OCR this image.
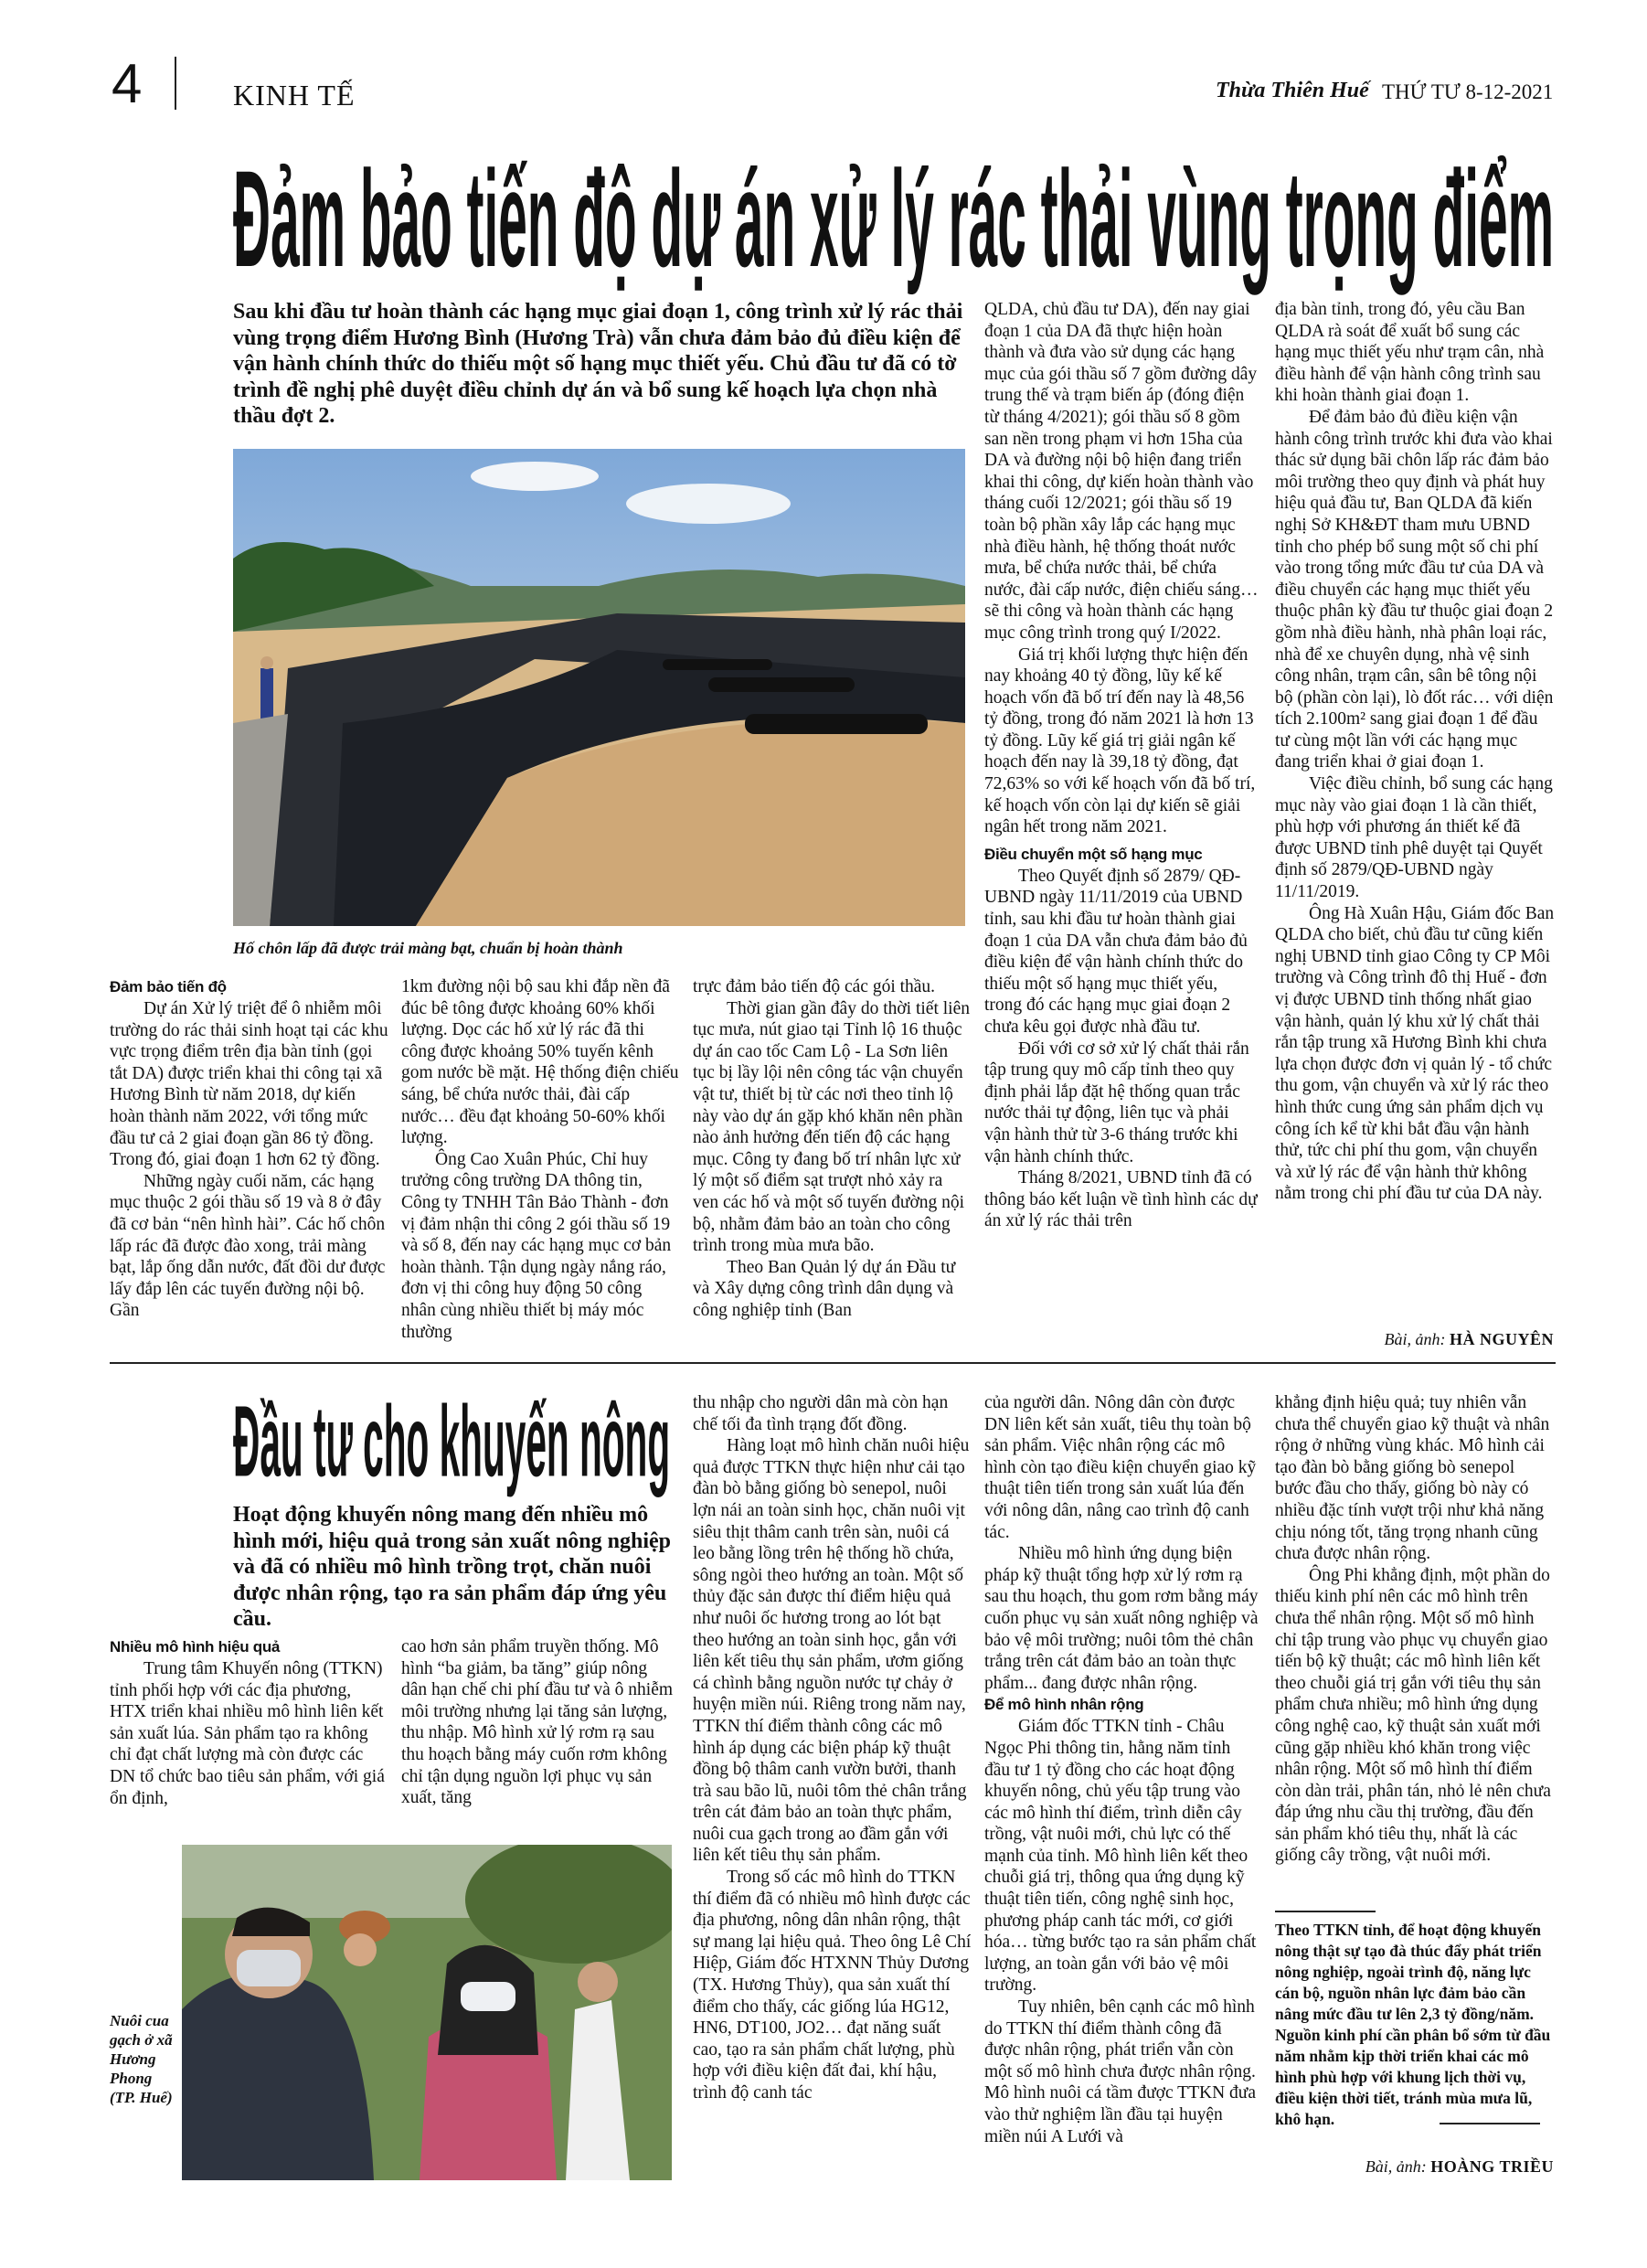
4	KINH TẾ	Thừa Thiên Huế THỨ TƯ 8-12-2021
Đảm bảo tiến độ dự án xử lý rác thải vùng trọng điểm

Sau khi đầu tư hoàn thành các hạng mục giai đoạn 1, công trình xử lý rác thải vùng trọng điểm Hương Bình (Hương Trà) vẫn chưa đảm bảo đủ điều kiện để vận hành chính thức do thiếu một số hạng mục thiết yếu. Chủ đầu tư đã có tờ trình đề nghị phê duyệt điều chỉnh dự án và bổ sung kế hoạch lựa chọn nhà thầu đợt 2.

Hố chôn lấp đã được trải màng bạt, chuẩn bị hoàn thành

Đảm bảo tiến độ

Dự án Xử lý triệt để ô nhiễm môi trường do rác thải sinh hoạt tại các khu vực trọng điểm trên địa bàn tỉnh (gọi tắt DA) được triển khai thi công tại xã Hương Bình từ năm 2018, dự kiến hoàn thành năm 2022, với tổng mức đầu tư cả 2 giai đoạn gần 86 tỷ đồng. Trong đó, giai đoạn 1 hơn 62 tỷ đồng.

Những ngày cuối năm, các hạng mục thuộc 2 gói thầu số 19 và 8 ở đây đã cơ bản “nên hình hài”. Các hố chôn lấp rác đã được đào xong, trải màng bạt, lắp ống dẫn nước, đất đồi dư được lấy đắp lên các tuyến đường nội bộ. Gần

1km đường nội bộ sau khi đắp nền đã đúc bê tông được khoảng 60% khối lượng. Dọc các hố xử lý rác đã thi công được khoảng 50% tuyến kênh gom nước bề mặt. Hệ thống điện chiếu sáng, bể chứa nước thải, đài cấp nước… đều đạt khoảng 50-60% khối lượng.

Ông Cao Xuân Phúc, Chỉ huy trưởng công trường DA thông tin, Công ty TNHH Tân Bảo Thành - đơn vị đảm nhận thi công 2 gói thầu số 19 và số 8, đến nay các hạng mục cơ bản hoàn thành. Tận dụng ngày nắng ráo, đơn vị thi công huy động 50 công nhân cùng nhiều thiết bị máy móc thường

trực đảm bảo tiến độ các gói thầu.

Thời gian gần đây do thời tiết liên tục mưa, nút giao tại Tỉnh lộ 16 thuộc dự án cao tốc Cam Lộ - La Sơn liên tục bị lầy lội nên công tác vận chuyển vật tư, thiết bị từ các nơi theo tỉnh lộ này vào dự án gặp khó khăn nên phần nào ảnh hưởng đến tiến độ các hạng mục. Công ty đang bố trí nhân lực xử lý một số điểm sạt trượt nhỏ xảy ra ven các hố và một số tuyến đường nội bộ, nhằm đảm bảo an toàn cho công trình trong mùa mưa bão.

Theo Ban Quản lý dự án Đầu tư và Xây dựng công trình dân dụng và công nghiệp tỉnh (Ban

QLDA, chủ đầu tư DA), đến nay giai đoạn 1 của DA đã thực hiện hoàn thành và đưa vào sử dụng các hạng mục của gói thầu số 7 gồm đường dây trung thế và trạm biến áp (đóng điện từ tháng 4/2021); gói thầu số 8 gồm san nền trong phạm vi hơn 15ha của DA và đường nội bộ hiện đang triển khai thi công, dự kiến hoàn thành vào tháng cuối 12/2021; gói thầu số 19 toàn bộ phần xây lắp các hạng mục nhà điều hành, hệ thống thoát nước mưa, bể chứa nước thải, bể chứa nước, đài cấp nước, điện chiếu sáng… sẽ thi công và hoàn thành các hạng mục công trình trong quý I/2022.

Giá trị khối lượng thực hiện đến nay khoảng 40 tỷ đồng, lũy kế kế hoạch vốn đã bố trí đến nay là 48,56 tỷ đồng, trong đó năm 2021 là hơn 13 tỷ đồng. Lũy kế giá trị giải ngân kế hoạch đến nay là 39,18 tỷ đồng, đạt 72,63% so với kế hoạch vốn đã bố trí, kế hoạch vốn còn lại dự kiến sẽ giải ngân hết trong năm 2021.

Điều chuyển một số hạng mục

Theo Quyết định số 2879/ QĐ-UBND ngày 11/11/2019 của UBND tỉnh, sau khi đầu tư hoàn thành giai đoạn 1 của DA vẫn chưa đảm bảo đủ điều kiện để vận hành chính thức do thiếu một số hạng mục thiết yếu, trong đó các hạng mục giai đoạn 2 chưa kêu gọi được nhà đầu tư.

Đối với cơ sở xử lý chất thải rắn tập trung quy mô cấp tỉnh theo quy định phải lắp đặt hệ thống quan trắc nước thải tự động, liên tục và phải vận hành thử từ 3-6 tháng trước khi vận hành chính thức.

Tháng 8/2021, UBND tỉnh đã có thông báo kết luận về tình hình các dự án xử lý rác thải trên

địa bàn tỉnh, trong đó, yêu cầu Ban QLDA rà soát để xuất bổ sung các hạng mục thiết yếu như trạm cân, nhà điều hành để vận hành công trình sau khi hoàn thành giai đoạn 1.

Để đảm bảo đủ điều kiện vận hành công trình trước khi đưa vào khai thác sử dụng bãi chôn lấp rác đảm bảo môi trường theo quy định và phát huy hiệu quả đầu tư, Ban QLDA đã kiến nghị Sở KH&ĐT tham mưu UBND tỉnh cho phép bổ sung một số chi phí vào trong tổng mức đầu tư của DA và điều chuyển các hạng mục thiết yếu thuộc phân kỳ đầu tư thuộc giai đoạn 2 gồm nhà điều hành, nhà phân loại rác, nhà để xe chuyên dụng, nhà vệ sinh công nhân, trạm cân, sân bê tông nội bộ (phần còn lại), lò đốt rác… với diện tích 2.100m² sang giai đoạn 1 để đầu tư cùng một lần với các hạng mục đang triển khai ở giai đoạn 1.

Việc điều chỉnh, bổ sung các hạng mục này vào giai đoạn 1 là cần thiết, phù hợp với phương án thiết kế đã được UBND tỉnh phê duyệt tại Quyết định số 2879/QĐ-UBND ngày 11/11/2019.

Ông Hà Xuân Hậu, Giám đốc Ban QLDA cho biết, chủ đầu tư cũng kiến nghị UBND tỉnh giao Công ty CP Môi trường và Công trình đô thị Huế - đơn vị được UBND tỉnh thống nhất giao vận hành, quản lý khu xử lý chất thải rắn tập trung xã Hương Bình khi chưa lựa chọn được đơn vị quản lý - tổ chức thu gom, vận chuyển và xử lý rác theo hình thức cung ứng sản phẩm dịch vụ công ích kể từ khi bắt đầu vận hành thử, tức chi phí thu gom, vận chuyển và xử lý rác để vận hành thử không nằm trong chi phí đầu tư của DA này.

Bài, ảnh: HÀ NGUYÊN
Đầu tư cho khuyến nông

Hoạt động khuyến nông mang đến nhiều mô hình mới, hiệu quả trong sản xuất nông nghiệp và đã có nhiều mô hình trồng trọt, chăn nuôi được nhân rộng, tạo ra sản phẩm đáp ứng yêu cầu.

Nhiều mô hình hiệu quả

Trung tâm Khuyến nông (TTKN) tỉnh phối hợp với các địa phương, HTX triển khai nhiều mô hình liên kết sản xuất lúa. Sản phẩm tạo ra không chỉ đạt chất lượng mà còn được các DN tổ chức bao tiêu sản phẩm, với giá ổn định,

cao hơn sản phẩm truyền thống. Mô hình “ba giảm, ba tăng” giúp nông dân hạn chế chi phí đầu tư và ô nhiễm môi trường nhưng lại tăng sản lượng, thu nhập. Mô hình xử lý rơm rạ sau thu hoạch bằng máy cuốn rơm không chỉ tận dụng nguồn lợi phục vụ sản xuất, tăng

Nuôi cua gạch ở xã Hương Phong (TP. Huế)

thu nhập cho người dân mà còn hạn chế tối đa tình trạng đốt đồng.

Hàng loạt mô hình chăn nuôi hiệu quả được TTKN thực hiện như cải tạo đàn bò bằng giống bò senepol, nuôi lợn nái an toàn sinh học, chăn nuôi vịt siêu thịt thâm canh trên sàn, nuôi cá leo bằng lồng trên hệ thống hồ chứa, sông ngòi theo hướng an toàn. Một số thủy đặc sản được thí điểm hiệu quả như nuôi ốc hương trong ao lót bạt theo hướng an toàn sinh học, gắn với liên kết tiêu thụ sản phẩm, ươm giống cá chình bằng nguồn nước tự chảy ở huyện miền núi. Riêng trong năm nay, TTKN thí điểm thành công các mô hình áp dụng các biện pháp kỹ thuật đồng bộ thâm canh vườn bưởi, thanh trà sau bão lũ, nuôi tôm thẻ chân trắng trên cát đảm bảo an toàn thực phẩm, nuôi cua gạch trong ao đầm gắn với liên kết tiêu thụ sản phẩm.

Trong số các mô hình do TTKN thí điểm đã có nhiều mô hình được các địa phương, nông dân nhân rộng, thật sự mang lại hiệu quả. Theo ông Lê Chí Hiệp, Giám đốc HTXNN Thủy Dương (TX. Hương Thủy), qua sản xuất thí điểm cho thấy, các giống lúa HG12, HN6, DT100, JO2… đạt năng suất cao, tạo ra sản phẩm chất lượng, phù hợp với điều kiện đất đai, khí hậu, trình độ canh tác

của người dân. Nông dân còn được DN liên kết sản xuất, tiêu thụ toàn bộ sản phẩm. Việc nhân rộng các mô hình còn tạo điều kiện chuyển giao kỹ thuật tiên tiến trong sản xuất lúa đến với nông dân, nâng cao trình độ canh tác.

Nhiều mô hình ứng dụng biện pháp kỹ thuật tổng hợp xử lý rơm rạ sau thu hoạch, thu gom rơm bằng máy cuốn phục vụ sản xuất nông nghiệp và bảo vệ môi trường; nuôi tôm thẻ chân trắng trên cát đảm bảo an toàn thực phẩm... đang được nhân rộng.

Để mô hình nhân rộng

Giám đốc TTKN tỉnh - Châu Ngọc Phi thông tin, hằng năm tỉnh đầu tư 1 tỷ đồng cho các hoạt động khuyến nông, chủ yếu tập trung vào các mô hình thí điểm, trình diễn cây trồng, vật nuôi mới, chủ lực có thế mạnh của tỉnh. Mô hình liên kết theo chuỗi giá trị, thông qua ứng dụng kỹ thuật tiên tiến, công nghệ sinh học, phương pháp canh tác mới, cơ giới hóa… từng bước tạo ra sản phẩm chất lượng, an toàn gắn với bảo vệ môi trường.

Tuy nhiên, bên cạnh các mô hình do TTKN thí điểm thành công đã được nhân rộng, phát triển vẫn còn một số mô hình chưa được nhân rộng. Mô hình nuôi cá tầm được TTKN đưa vào thử nghiệm lần đầu tại huyện miền núi A Lưới và

khẳng định hiệu quả; tuy nhiên vẫn chưa thể chuyển giao kỹ thuật và nhân rộng ở những vùng khác. Mô hình cải tạo đàn bò bằng giống bò senepol bước đầu cho thấy, giống bò này có nhiều đặc tính vượt trội như khả năng chịu nóng tốt, tăng trọng nhanh cũng chưa được nhân rộng.

Ông Phi khẳng định, một phần do thiếu kinh phí nên các mô hình trên chưa thể nhân rộng. Một số mô hình chỉ tập trung vào phục vụ chuyển giao tiến bộ kỹ thuật; các mô hình liên kết theo chuỗi giá trị gắn với tiêu thụ sản phẩm chưa nhiều; mô hình ứng dụng công nghệ cao, kỹ thuật sản xuất mới cũng gặp nhiều khó khăn trong việc nhân rộng. Một số mô hình thí điểm còn dàn trải, phân tán, nhỏ lẻ nên chưa đáp ứng nhu cầu thị trường, đầu đến sản phẩm khó tiêu thụ, nhất là các giống cây trồng, vật nuôi mới.

Theo TTKN tỉnh, để hoạt động khuyến nông thật sự tạo đà thúc đẩy phát triển nông nghiệp, ngoài trình độ, năng lực cán bộ, nguồn nhân lực đảm bảo cần nâng mức đầu tư lên 2,3 tỷ đồng/năm. Nguồn kinh phí cần phân bổ sớm từ đầu năm nhằm kịp thời triển khai các mô hình phù hợp với khung lịch thời vụ, điều kiện thời tiết, tránh mùa mưa lũ, khô hạn.
Bài, ảnh: HOÀNG TRIỀU
